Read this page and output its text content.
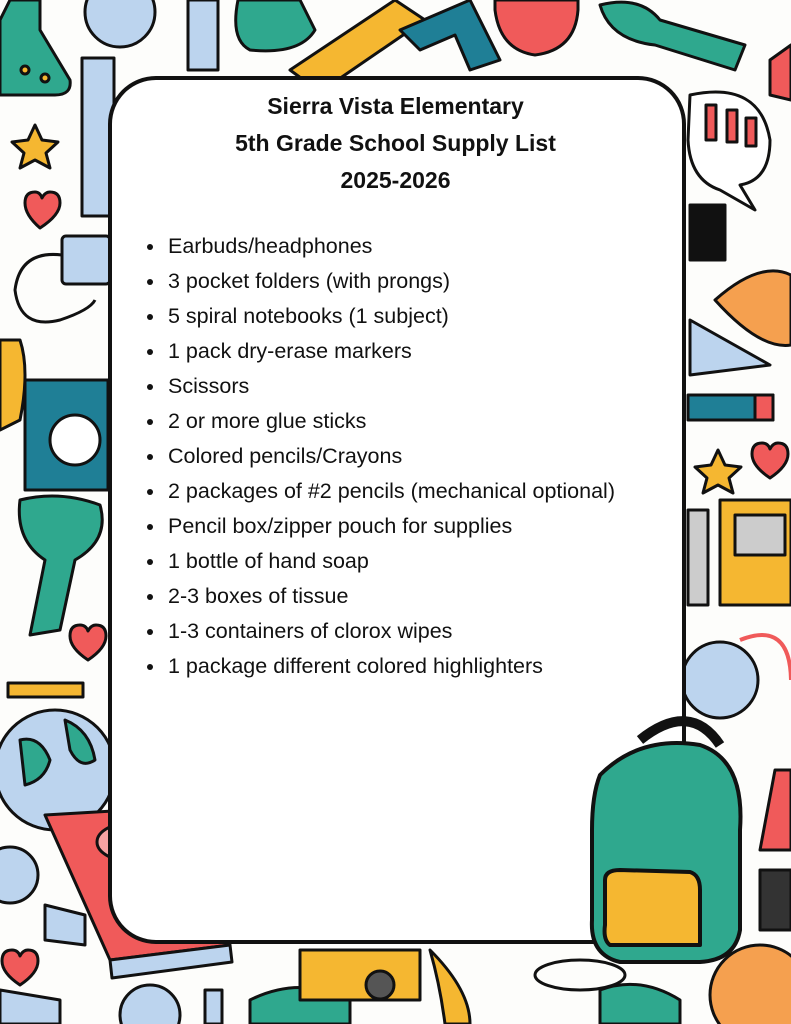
Sierra Vista Elementary
5th Grade School Supply List
2025-2026
Earbuds/headphones
3 pocket folders (with prongs)
5 spiral notebooks (1 subject)
1 pack dry-erase markers
Scissors
2 or more glue sticks
Colored pencils/Crayons
2 packages of #2 pencils (mechanical optional)
Pencil box/zipper pouch for supplies
1 bottle of hand soap
2-3 boxes of tissue
1-3 containers of clorox wipes
1 package different colored highlighters
